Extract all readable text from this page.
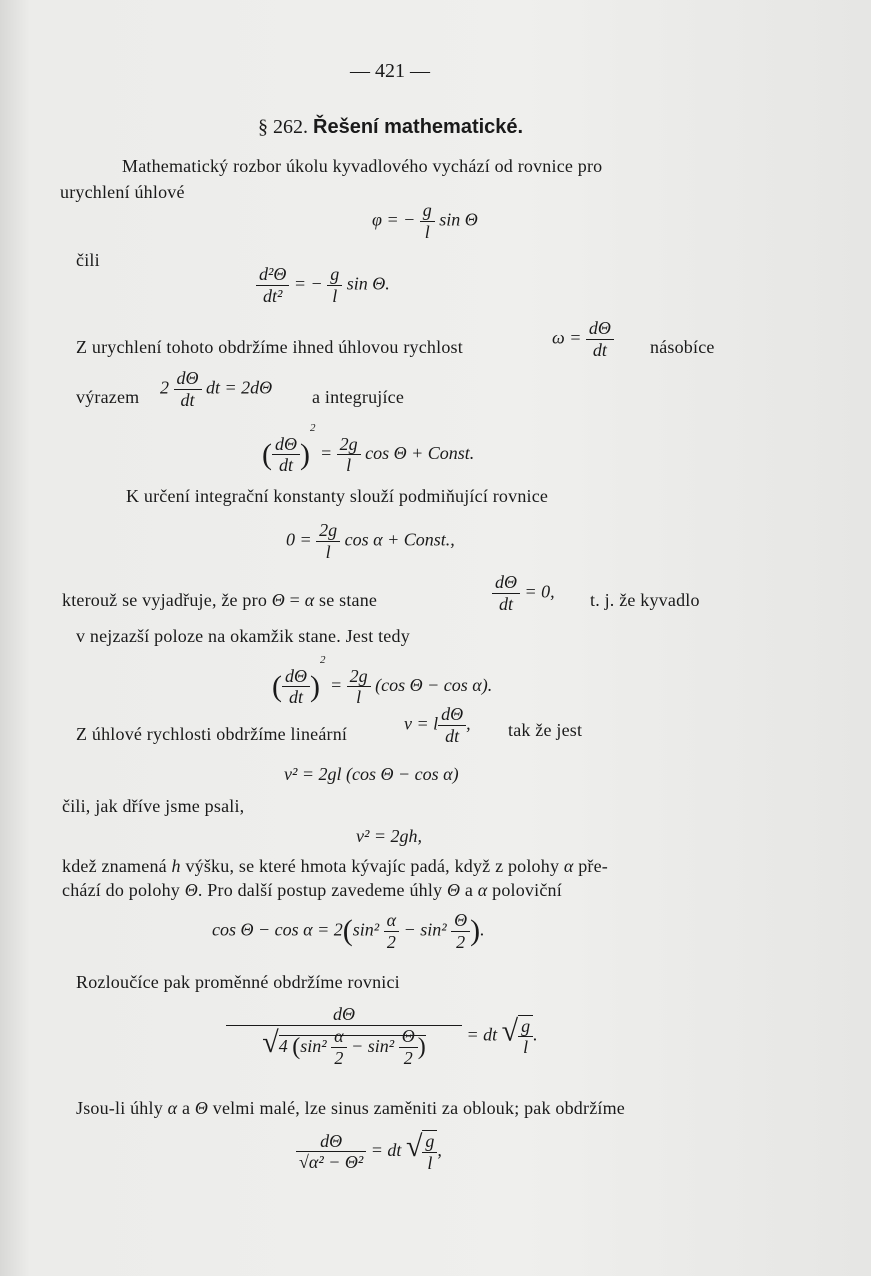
— 421 —
§ 262. Řešení mathematické.
Mathematický rozbor úkolu kyvadlového vychází od rovnice pro
urychlení úhlové
φ = − $\frac{g}{l}$ sin Θ
čili
$\frac{\text{d²Θ}}{\text{dt²}}$ = − $\frac{g}{l}$ sin Θ.
Z urychlení tohoto obdržíme ihned úhlovou rychlost	$\omega = \frac{d\Theta}{dt}$ násobíce
výrazem $2 \frac{d\Theta}{dt}$ dt = 2dΘ a integrujíce
( $\frac{d\Theta}{dt} )^2 = \frac{2g}{l}$ cos Θ + Const.
K určení integrační konstanty slouží podmiňující rovnice
$0 = \frac{2g}{l}$ cos α + Const.,
kterouž se vyjadřuje, že pro Θ = α se stane	$\frac{d\Theta}{dt} = 0$, t. j. že kyvadlo
v nejzazší poloze na okamžik stane. Jest tedy
( $\frac{d\Theta}{dt} )^2 = \frac{2g}{l} (\cos$ Θ − cos α).
Z úhlové rychlosti obdržíme lineární
v = l $\frac{d\Theta}{dt}$ , tak že jest
v² = 2gl (cos Θ − cos α)
čili, jak dříve jsme psali,
v² = 2gh,
kdež znamená h výšku, se které hmota kývajíc padá, když z polohy α pře-
chází do polohy Θ. Pro další postup zavedeme úhly Θ a α poloviční
$\cos \Theta - \cos \alpha = 2(\sin^2 \frac{\alpha}{2} - \sin^2 \frac{\Theta}{2}$ ).
Rozloučíce pak proměnné obdržíme rovnici
$\frac{d\Theta}{√4 (\sin^2 \frac{\alpha}{2} - \sin^2 \frac{\Theta}{2} )}$ = dt √ $\frac{g}{l}$ .
Jsou-li úhly α a Θ velmi malé, lze sinus zaměniti za oblouk; pak obdržíme
$\frac{d\Theta}{\text{√α² − Θ²}}$ = dt √ $\frac{g}{l}$ ,
